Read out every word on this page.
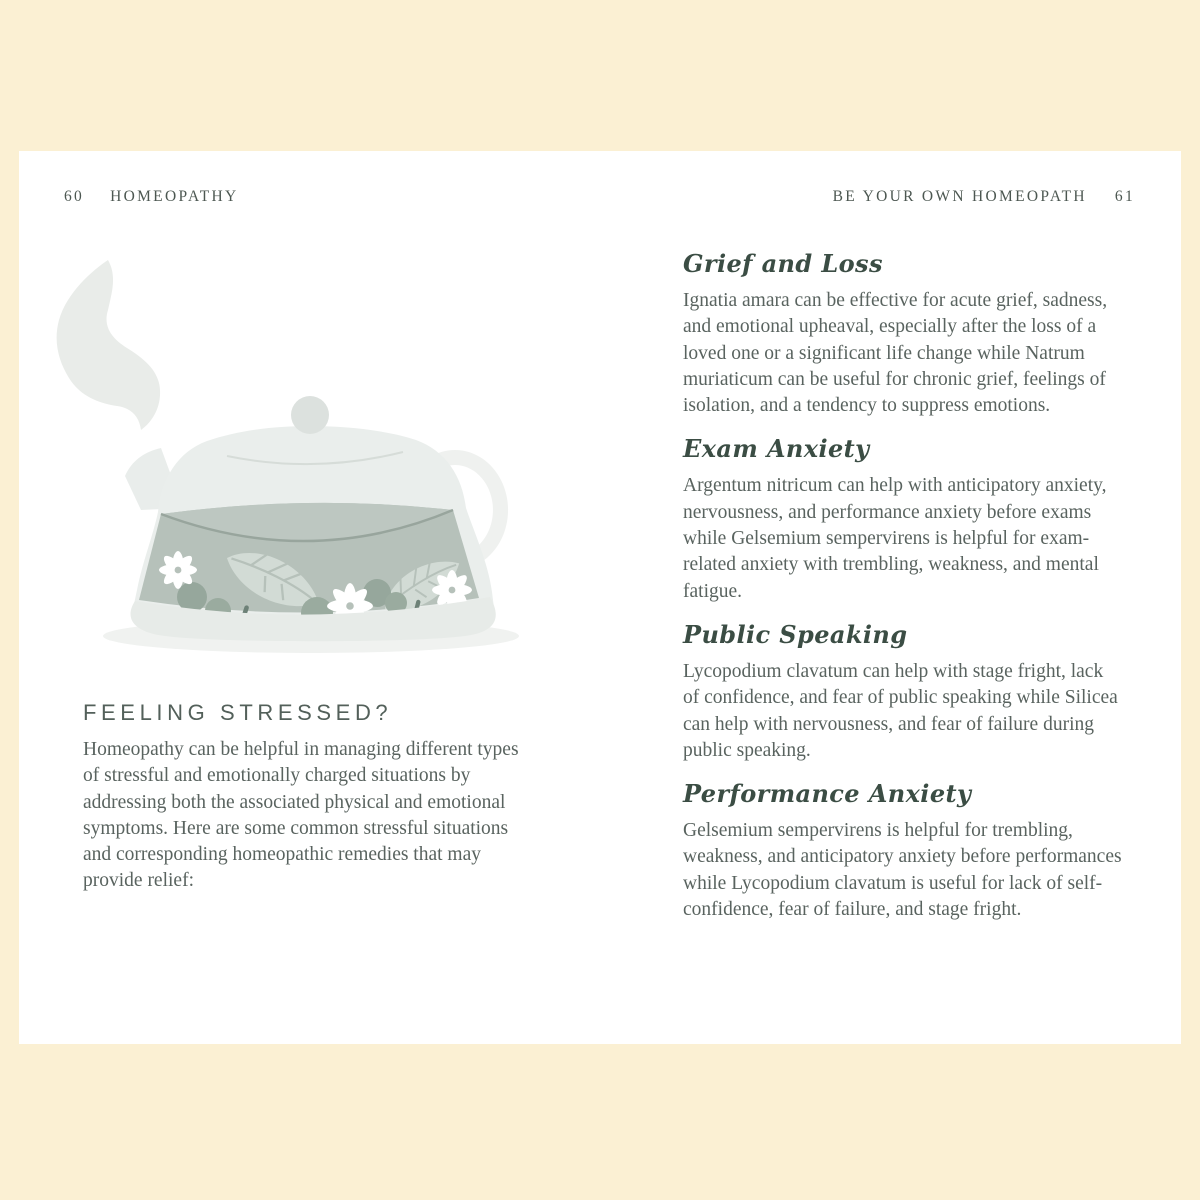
60 HOMEOPATHY	BE YOUR OWN HOMEOPATH 61
FEELING STRESSED?

Homeopathy can be helpful in managing different types of stressful and emotionally charged situations by addressing both the associated physical and emotional symptoms. Here are some common stressful situations and corresponding homeopathic remedies that may provide relief:

Grief and Loss

Ignatia amara can be effective for acute grief, sadness, and emotional upheaval, especially after the loss of a loved one or a significant life change while Natrum muriaticum can be useful for chronic grief, feelings of isolation, and a tendency to suppress emotions.

Exam Anxiety

Argentum nitricum can help with anticipatory anxiety, nervousness, and performance anxiety before exams while Gelsemium sempervirens is helpful for exam-related anxiety with trembling, weakness, and mental fatigue.

Public Speaking

Lycopodium clavatum can help with stage fright, lack of confidence, and fear of public speaking while Silicea can help with nervousness, and fear of failure during public speaking.

Performance Anxiety

Gelsemium sempervirens is helpful for trembling, weakness, and anticipatory anxiety before performances while Lycopodium clavatum is useful for lack of self-confidence, fear of failure, and stage fright.
